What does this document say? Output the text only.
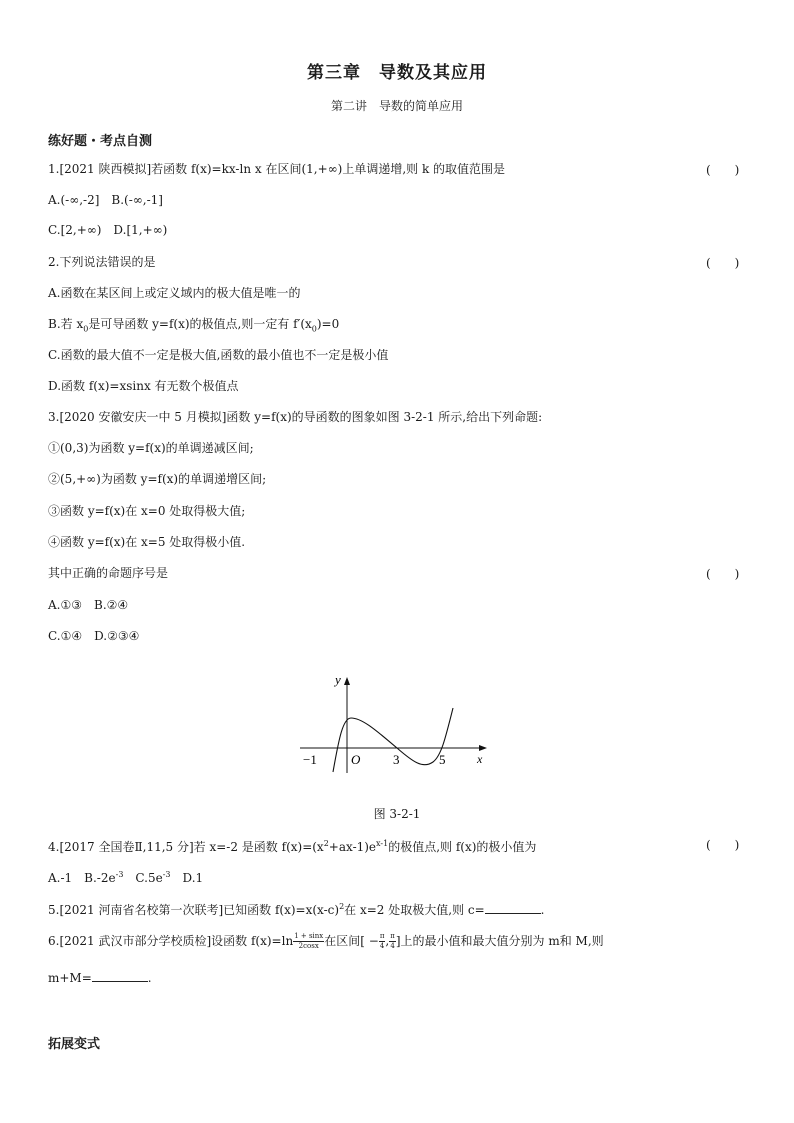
第三章　导数及其应用
第二讲　导数的简单应用
练好题・考点自测
1.[2021 陕西模拟]若函数 f(x)=kx-ln x 在区间(1,+∞)上单调递增,则 k 的取值范围是	(　　)
A.(-∞,-2]　B.(-∞,-1]
C.[2,+∞)　D.[1,+∞)
2.下列说法错误的是	(　　)
A.函数在某区间上或定义域内的极大值是唯一的
B.若 $x_0$是可导函数 y=f(x)的极值点,则一定有 $f'(x_0)=0$
C.函数的最大值不一定是极大值,函数的最小值也不一定是极小值
D.函数 f(x)=xsinx 有无数个极值点
3.[2020 安徽安庆一中 5 月模拟]函数 y=f(x)的导函数的图象如图 3-2-1 所示,给出下列命题:
①(0,3)为函数 y=f(x)的单调递减区间;
②(5,+∞)为函数 y=f(x)的单调递增区间;
③函数 y=f(x)在 x=0 处取得极大值;
④函数 y=f(x)在 x=5 处取得极小值.
其中正确的命题序号是	(　　)
A.①③　B.②④
C.①④　D.②③④
y
x
O
−1	3	5
图 3-2-1
4.[2017 全国卷Ⅱ,11,5 分]若 x=-2 是函数 $f(x)=(x^2+ax-1)e^{x-1}$的极值点,则 f(x)的极小值为	(　　)
A.-1　$B.-2e^{-3}$　$C.5e^{-3}$　D.1
5.[2021 河南省名校第一次联考]已知函数 $f(x)=x(x-c)^2$在 x=2 处取极大值,则 c=	.
6.[2021 武汉市部分学校质检]设函数 $f(x)=\ln \frac{1 + \sin x}{2\cos x}$ 在区间[ − $\frac{\pi}{4}$ , $\frac{\pi}{4}$ ]上的最小值和最大值分别为 m和 M,则
m+M=	.
拓展变式
